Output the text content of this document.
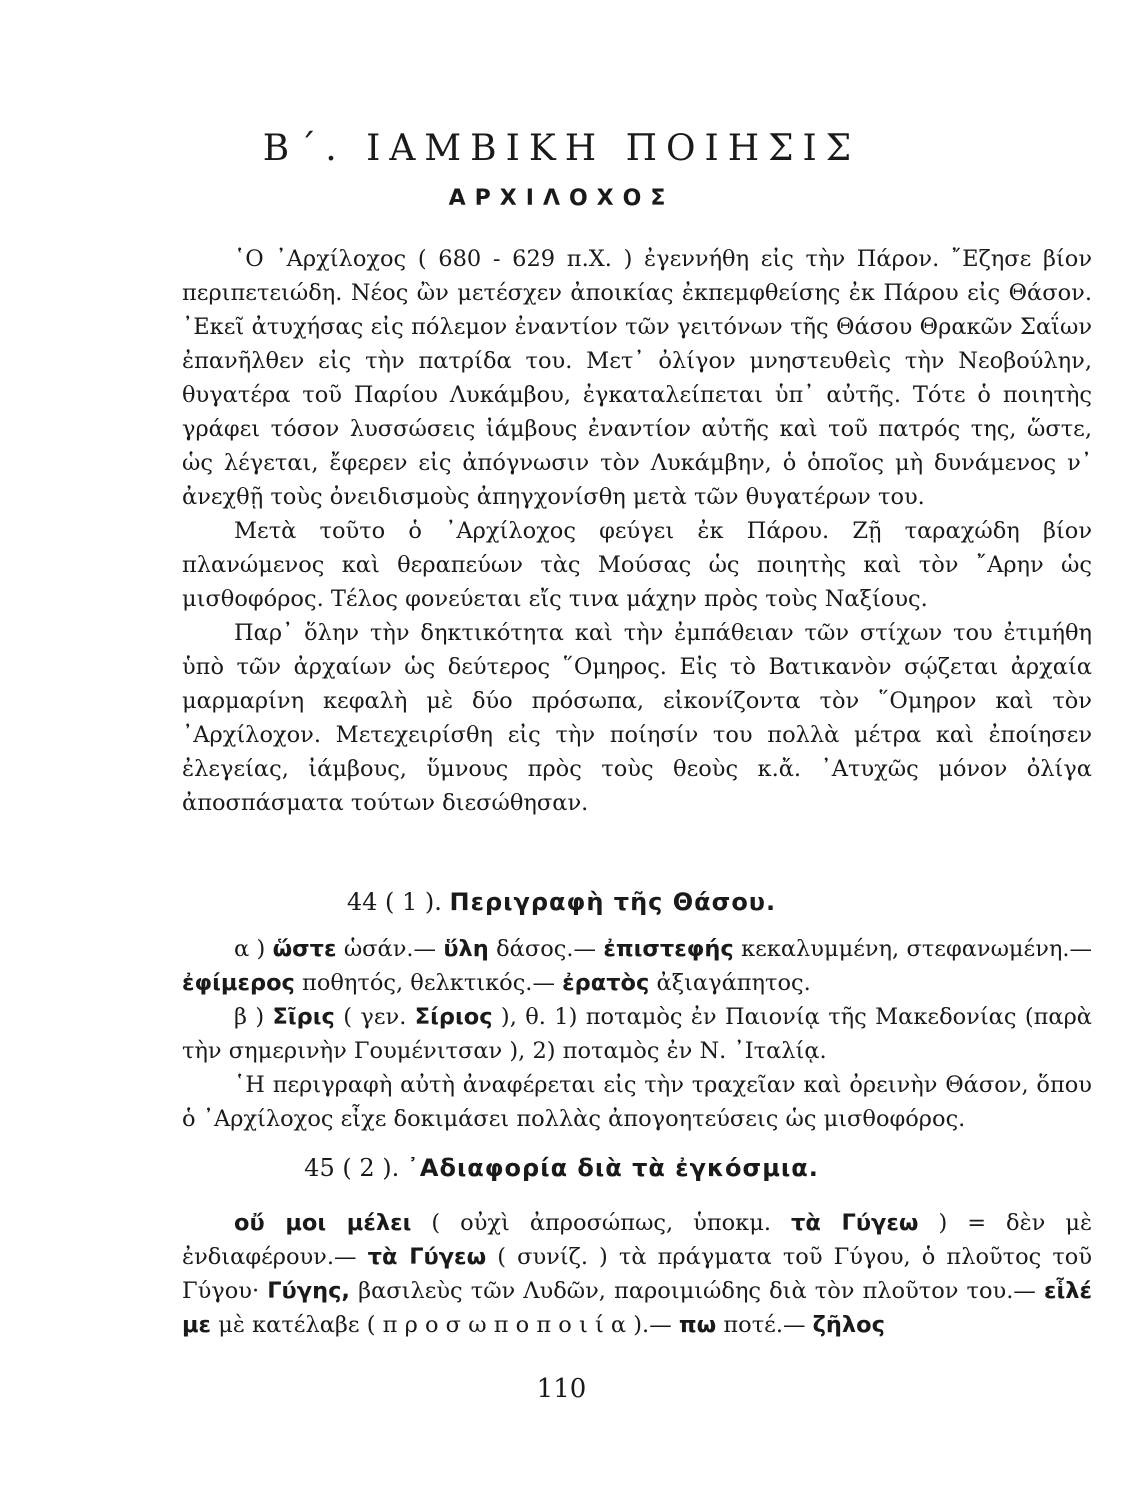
Β΄. ΙΑΜΒΙΚΗ ΠΟΙΗΣΙΣ
ΑΡΧΙΛΟΧΟΣ

῾Ο ᾿Αρχίλοχος ( 680 - 629 π.Χ. ) ἐγεννήθη εἰς τὴν Πάρον. ῎Εζησε βίον περιπετειώδη. Νέος ὢν μετέσχεν ἀποικίας ἐκπεμφθείσης ἐκ Πάρου εἰς Θάσον. ᾿Εκεῖ ἀτυχήσας εἰς πόλεμον ἐναντίον τῶν γειτόνων τῆς Θάσου Θρακῶν Σαΐων ἐπανῆλθεν εἰς τὴν πατρίδα του. Μετ᾿ ὀλίγον μνηστευθεὶς τὴν Νεοβούλην, θυγατέρα τοῦ Παρίου Λυκάμβου, ἐγκαταλείπεται ὑπ᾿ αὐτῆς. Τότε ὁ ποιητὴς γράφει τόσον λυσσώσεις ἰάμβους ἐναντίον αὐτῆς καὶ τοῦ πατρός της, ὥστε, ὡς λέγεται, ἔφερεν εἰς ἀπόγνωσιν τὸν Λυκάμβην, ὁ ὁποῖος μὴ δυνάμενος ν᾿ ἀνεχθῇ τοὺς ὀνειδισμοὺς ἀπηγχονίσθη μετὰ τῶν θυγατέρων του.

Μετὰ τοῦτο ὁ ᾿Αρχίλοχος φεύγει ἐκ Πάρου. Ζῇ ταραχώδη βίον πλανώμενος καὶ θεραπεύων τὰς Μούσας ὡς ποιητὴς καὶ τὸν ῎Αρην ὡς μισθοφόρος. Τέλος φονεύεται εἴς τινα μάχην πρὸς τοὺς Ναξίους.

Παρ᾿ ὅλην τὴν δηκτικότητα καὶ τὴν ἐμπάθειαν τῶν στίχων του ἐτιμήθη ὑπὸ τῶν ἀρχαίων ὡς δεύτερος ῞Ομηρος. Εἰς τὸ Βατικανὸν σῴζεται ἀρχαία μαρμαρίνη κεφαλὴ μὲ δύο πρόσωπα, εἰκονίζοντα τὸν ῞Ομηρον καὶ τὸν ᾿Αρχίλοχον. Μετεχειρίσθη εἰς τὴν ποίησίν του πολλὰ μέτρα καὶ ἐποίησεν ἐλεγείας, ἰάμβους, ὕμνους πρὸς τοὺς θεοὺς κ.ἄ. ᾿Ατυχῶς μόνον ὀλίγα ἀποσπάσματα τούτων διεσώθησαν.

44 ( 1 ). Περιγραφὴ τῆς Θάσου.

α ) ὥστε ὡσάν.— ὕλη δάσος.— ἐπιστεφής κεκαλυμμένη, στεφανωμένη.— ἐφίμερος ποθητός, θελκτικός.— ἐρατὸς ἀξιαγάπητος.

β ) Σῖρις ( γεν. Σίριος ), θ. 1) ποταμὸς ἐν Παιονίᾳ τῆς Μακεδονίας (παρὰ τὴν σημερινὴν Γουμένιτσαν ), 2) ποταμὸς ἐν Ν. ᾿Ιταλίᾳ.

῾Η περιγραφὴ αὐτὴ ἀναφέρεται εἰς τὴν τραχεῖαν καὶ ὀρεινὴν Θάσον, ὅπου ὁ ᾿Αρχίλοχος εἶχε δοκιμάσει πολλὰς ἀπογοητεύσεις ὡς μισθοφόρος.

45 ( 2 ). ᾿Αδιαφορία διὰ τὰ ἐγκόσμια.

οὔ μοι μέλει ( οὐχὶ ἀπροσώπως, ὑποκμ. τὰ Γύγεω ) = δὲν μὲ ἐνδιαφέρουν.— τὰ Γύγεω ( συνίζ. ) τὰ πράγματα τοῦ Γύγου, ὁ πλοῦτος τοῦ Γύγου· Γύγης, βασιλεὺς τῶν Λυδῶν, παροιμιώδης διὰ τὸν πλοῦτον του.— εἷλέ με μὲ κατέλαβε ( π ρ ο σ ω π ο π ο ι ί α ).— πω ποτέ.— ζῆλος

110
